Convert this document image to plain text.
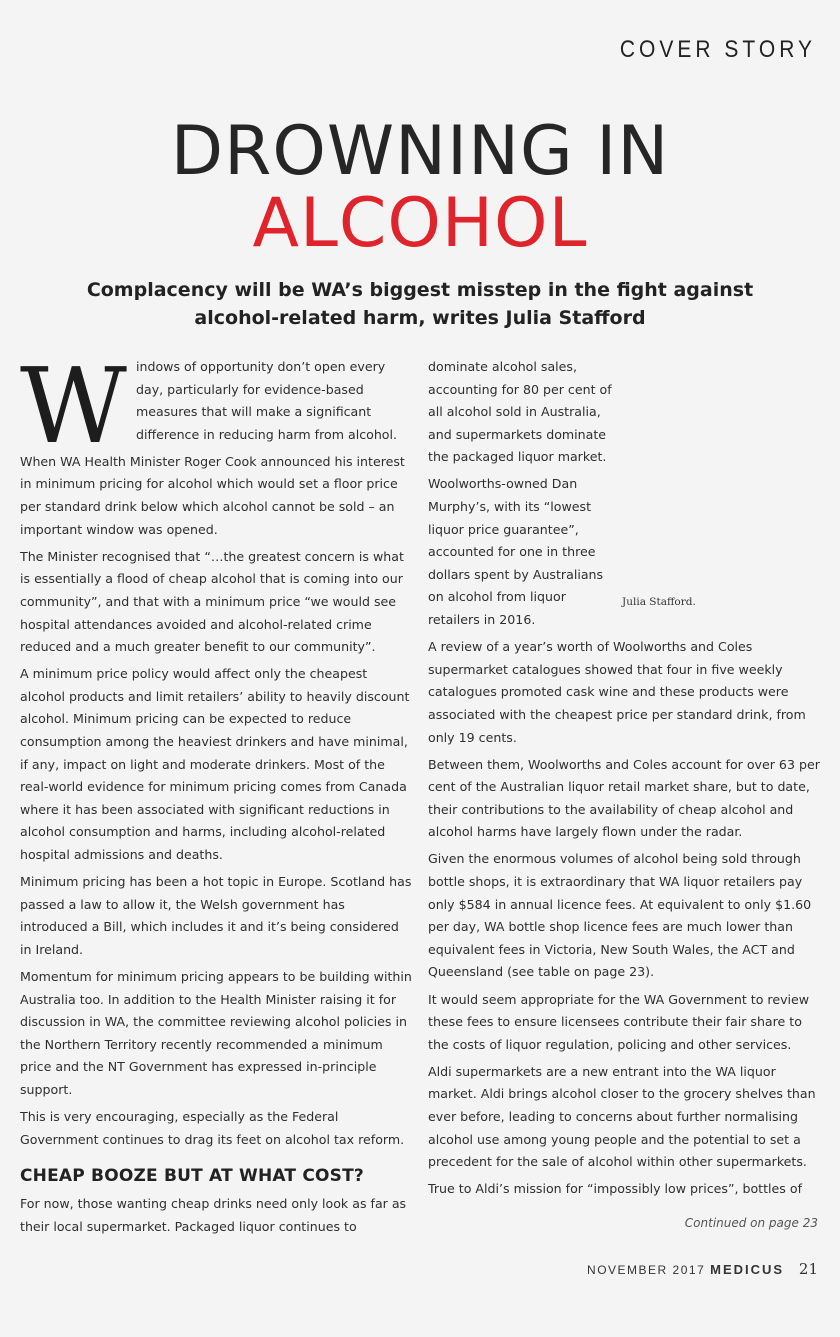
COVER STORY
DROWNING IN
ALCOHOL
Complacency will be WA’s biggest misstep in the fight against alcohol-related harm, writes Julia Stafford

W indows of opportunity don’t open every day, particularly for evidence-based measures that will make a significant difference in reducing harm from alcohol.

When WA Health Minister Roger Cook announced his interest in minimum pricing for alcohol which would set a floor price per standard drink below which alcohol cannot be sold – an important window was opened.

The Minister recognised that “…the greatest concern is what is essentially a flood of cheap alcohol that is coming into our community”, and that with a minimum price “we would see hospital attendances avoided and alcohol-related crime reduced and a much greater benefit to our community”.

A minimum price policy would affect only the cheapest alcohol products and limit retailers’ ability to heavily discount alcohol. Minimum pricing can be expected to reduce consumption among the heaviest drinkers and have minimal, if any, impact on light and moderate drinkers. Most of the real-world evidence for minimum pricing comes from Canada where it has been associated with significant reductions in alcohol consumption and harms, including alcohol-related hospital admissions and deaths.

Minimum pricing has been a hot topic in Europe. Scotland has passed a law to allow it, the Welsh government has introduced a Bill, which includes it and it’s being considered in Ireland.

Momentum for minimum pricing appears to be building within Australia too. In addition to the Health Minister raising it for discussion in WA, the committee reviewing alcohol policies in the Northern Territory recently recommended a minimum price and the NT Government has expressed in-principle support.

This is very encouraging, especially as the Federal Government continues to drag its feet on alcohol tax reform.

CHEAP BOOZE BUT AT WHAT COST?

For now, those wanting cheap drinks need only look as far as their local supermarket. Packaged liquor continues to

dominate alcohol sales, accounting for 80 per cent of all alcohol sold in Australia, and supermarkets dominate the packaged liquor market.

Woolworths-owned Dan Murphy’s, with its “lowest liquor price guarantee”, accounted for one in three dollars spent by Australians on alcohol from liquor retailers in 2016.

A review of a year’s worth of Woolworths and Coles supermarket catalogues showed that four in five weekly catalogues promoted cask wine and these products were associated with the cheapest price per standard drink, from only 19 cents.

Between them, Woolworths and Coles account for over 63 per cent of the Australian liquor retail market share, but to date, their contributions to the availability of cheap alcohol and alcohol harms have largely flown under the radar.

Given the enormous volumes of alcohol being sold through bottle shops, it is extraordinary that WA liquor retailers pay only $584 in annual licence fees. At equivalent to only $1.60 per day, WA bottle shop licence fees are much lower than equivalent fees in Victoria, New South Wales, the ACT and Queensland (see table on page 23).

It would seem appropriate for the WA Government to review these fees to ensure licensees contribute their fair share to the costs of liquor regulation, policing and other services.

Aldi supermarkets are a new entrant into the WA liquor market. Aldi brings alcohol closer to the grocery shelves than ever before, leading to concerns about further normalising alcohol use among young people and the potential to set a precedent for the sale of alcohol within other supermarkets.

True to Aldi’s mission for “impossibly low prices”, bottles of

Julia Stafford.
Continued on page 23
NOVEMBER 2017 MEDICUS 21
